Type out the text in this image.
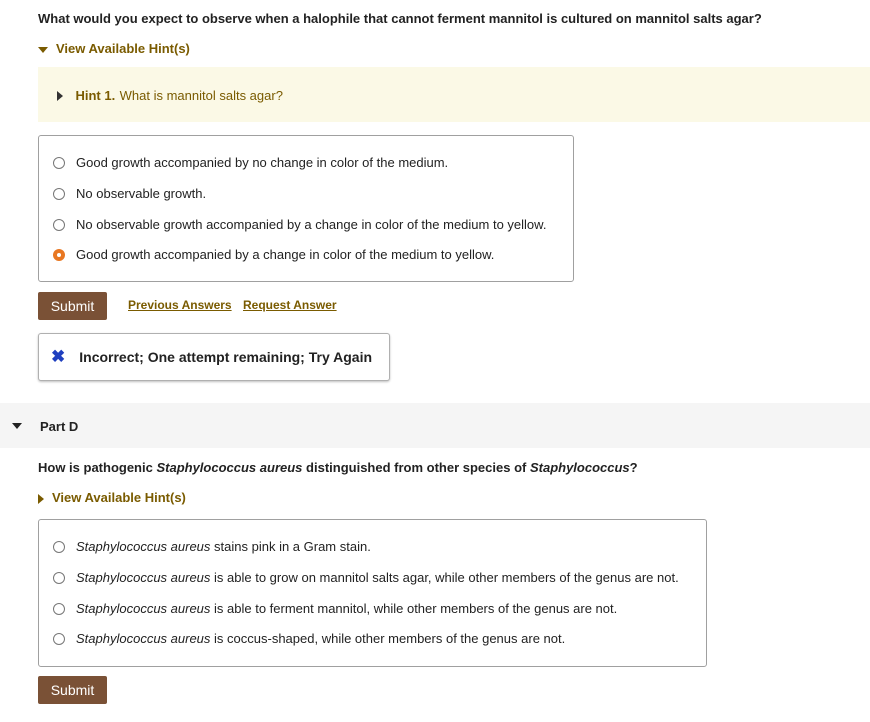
What would you expect to observe when a halophile that cannot ferment mannitol is cultured on mannitol salts agar?
View Available Hint(s)
Hint 1. What is mannitol salts agar?
Good growth accompanied by no change in color of the medium.
No observable growth.
No observable growth accompanied by a change in color of the medium to yellow.
Good growth accompanied by a change in color of the medium to yellow.
Submit	Previous Answers Request Answer
✖ Incorrect; One attempt remaining; Try Again
Part D
How is pathogenic Staphylococcus aureus distinguished from other species of Staphylococcus?
View Available Hint(s)
Staphylococcus aureus stains pink in a Gram stain.
Staphylococcus aureus is able to grow on mannitol salts agar, while other members of the genus are not.
Staphylococcus aureus is able to ferment mannitol, while other members of the genus are not.
Staphylococcus aureus is coccus-shaped, while other members of the genus are not.
Submit
